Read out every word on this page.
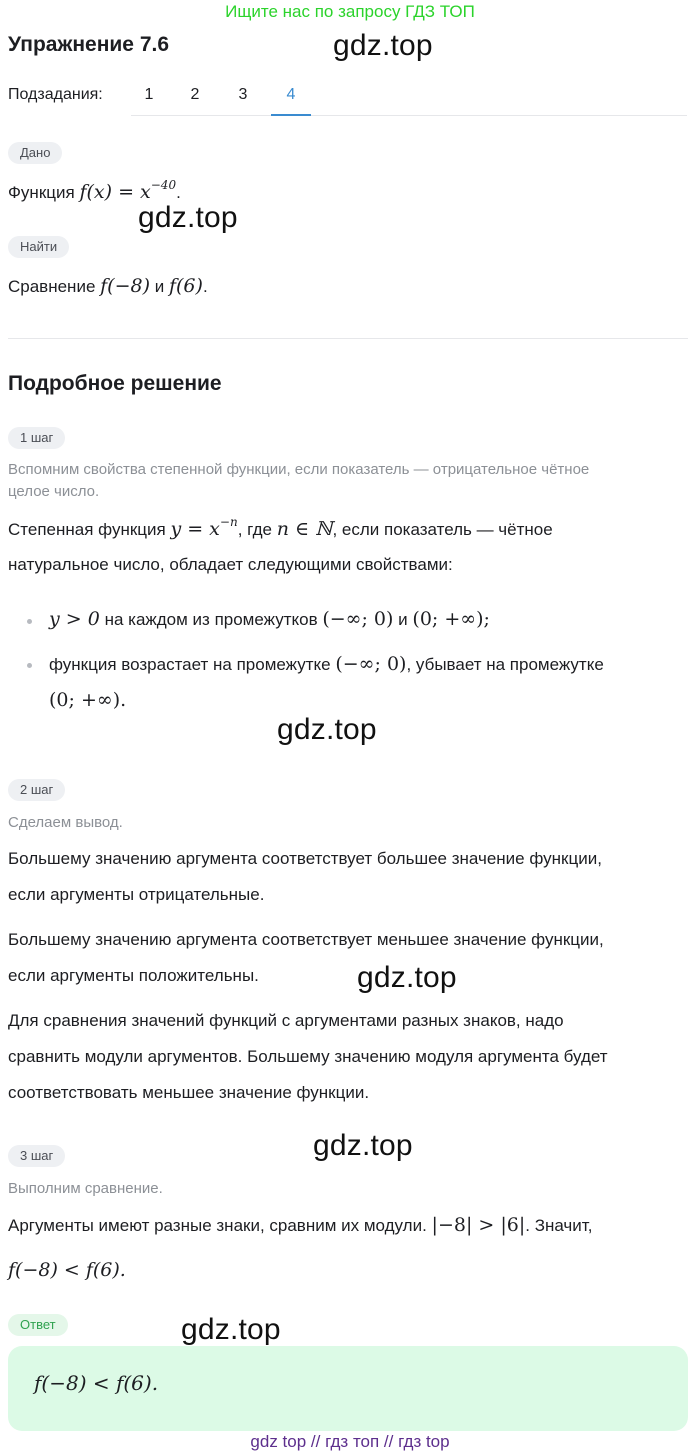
Ищите нас по запросу ГДЗ ТОП
gdz.top
gdz.top
gdz.top
gdz.top
gdz.top
gdz.top
Упражнение 7.6
Подзадания:	1	2	3	4
Дано
Функция $f(x) = x^{-40}$.
Найти
Сравнение f(−8) и f(6).
Подробное решение
1 шаг
Вспомним свойства степенной функции, если показатель — отрицательное чётное
целое число.
Степенная функция $y = x^{-n}$, где n ∈ ℕ, если показатель — чётное
натуральное число, обладает следующими свойствами:
y > 0 на каждом из промежутков (−∞; 0) и (0; +∞);
функция возрастает на промежутке (−∞; 0), убывает на промежутке
(0; +∞).
2 шаг
Сделаем вывод.
Большему значению аргумента соответствует большее значение функции,
если аргументы отрицательные.
Большему значению аргумента соответствует меньшее значение функции,
если аргументы положительны.
Для сравнения значений функций с аргументами разных знаков, надо
сравнить модули аргументов. Большему значению модуля аргумента будет
соответствовать меньшее значение функции.
3 шаг
Выполним сравнение.
Аргументы имеют разные знаки, сравним их модули. |−8| > |6|. Значит,
f(−8) < f(6).
Ответ
f(−8) < f(6).
gdz top // гдз топ // гдз top
